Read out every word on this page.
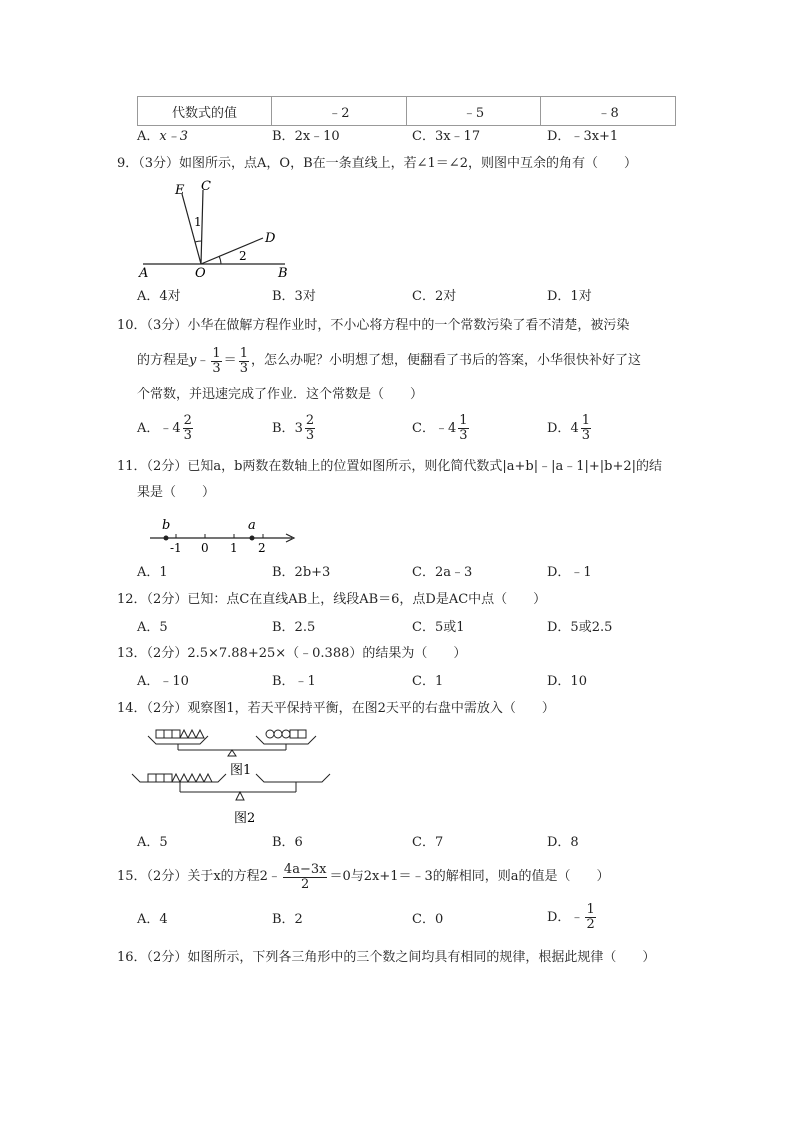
代数式的值	﹣2	﹣5	﹣8
A．x﹣3	B．2x﹣10	C．3x﹣17	D．﹣3x+1
9．（3分）如图所示，点A，O，B在一条直线上，若∠1＝∠2，则图中互余的角有（　　）
E C
D
A	O	B
1
2
A．4对	B．3对	C．2对	D．1对
10．（3分）小华在做解方程作业时，不小心将方程中的一个常数污染了看不清楚，被污染
的方程是 y ﹣ $\frac{1}{3} = \frac{1}{3}$ ，怎么办呢？小明想了想，便翻看了书后的答案，小华很快补好了这
个常数，并迅速完成了作业．这个常数是（　　）
A． ﹣4 $\frac{2}{3}$	B． $3 \frac{2}{3}$	C． ﹣4 $\frac{1}{3}$	D． $4 \frac{1}{3}$
11．（2分）已知a，b两数在数轴上的位置如图所示，则化简代数式|a+b|﹣|a﹣1|+|b+2|的结
果是（　　）
b	a
-1 0 1 2
A．1	B．2b+3	C．2a﹣3	D．﹣1
12．（2分）已知：点C在直线AB上，线段AB＝6，点D是AC中点（　　）
A．5	B．2.5	C．5或1	D．5或2.5
13．（2分）2.5×7.88+25×（﹣0.388）的结果为（　　）
A．﹣10	B．﹣1	C．1	D．10
14．（2分）观察图1，若天平保持平衡，在图2天平的右盘中需放入（　　）
图1
图2
A．5	B．6	C．7	D．8
15．（2分）关于x的方程2﹣ $\frac{4a-3x}{2} =0$与2x+1＝﹣3的解相同，则a的值是（　　）
A．4	B．2	C．0	D． ﹣ $\frac{1}{2}$
16．（2分）如图所示，下列各三角形中的三个数之间均具有相同的规律，根据此规律（　　）
